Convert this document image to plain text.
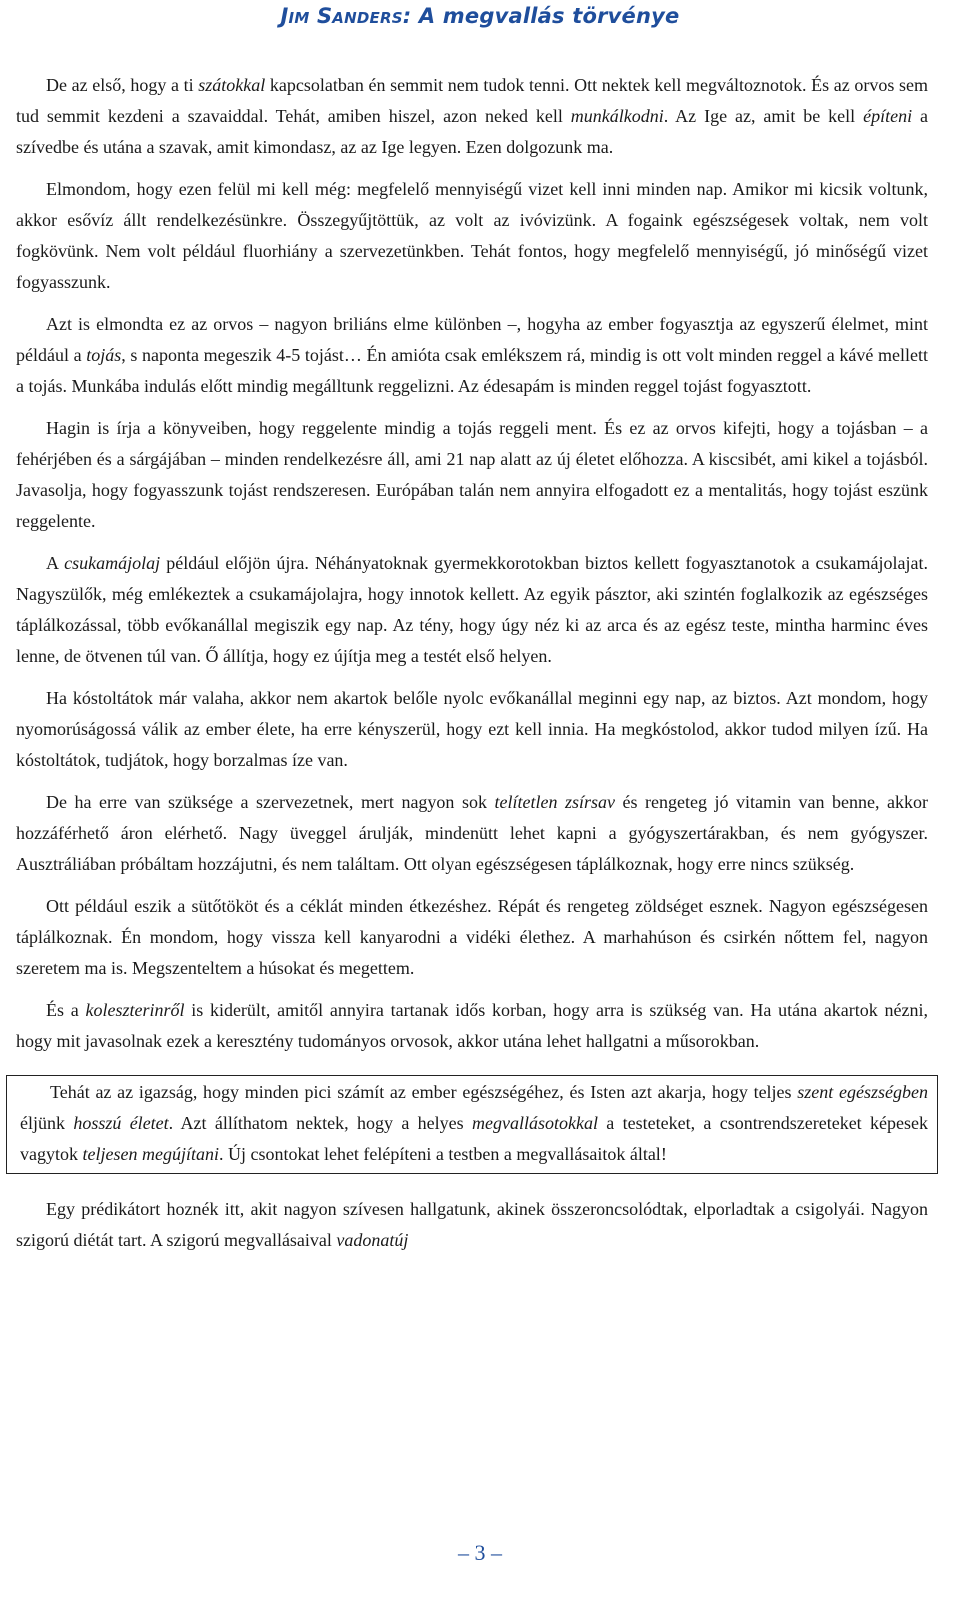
Jim Sanders: A megvallás törvénye

De az első, hogy a ti szátokkal kapcsolatban én semmit nem tudok tenni. Ott nektek kell megváltoznotok. És az orvos sem tud semmit kezdeni a szavaiddal. Tehát, amiben hiszel, azon neked kell munkálkodni. Az Ige az, amit be kell építeni a szívedbe és utána a szavak, amit kimondasz, az az Ige legyen. Ezen dolgozunk ma.

Elmondom, hogy ezen felül mi kell még: megfelelő mennyiségű vizet kell inni minden nap. Amikor mi kicsik voltunk, akkor esővíz állt rendelkezésünkre. Összegyűjtöttük, az volt az ivóvizünk. A fogaink egészségesek voltak, nem volt fogkövünk. Nem volt például fluorhiány a szervezetünkben. Tehát fontos, hogy megfelelő mennyiségű, jó minőségű vizet fogyasszunk.

Azt is elmondta ez az orvos – nagyon briliáns elme különben –, hogyha az ember fogyasztja az egyszerű élelmet, mint például a tojás, s naponta megeszik 4-5 tojást… Én amióta csak emlékszem rá, mindig is ott volt minden reggel a kávé mellett a tojás. Munkába indulás előtt mindig megálltunk reggelizni. Az édesapám is minden reggel tojást fogyasztott.

Hagin is írja a könyveiben, hogy reggelente mindig a tojás reggeli ment. És ez az orvos kifejti, hogy a tojásban – a fehérjében és a sárgájában – minden rendelkezésre áll, ami 21 nap alatt az új életet előhozza. A kiscsibét, ami kikel a tojásból. Javasolja, hogy fogyasszunk tojást rendszeresen. Európában talán nem annyira elfogadott ez a mentalitás, hogy tojást eszünk reggelente.

A csukamájolaj például előjön újra. Néhányatoknak gyermekkorotokban biztos kellett fogyasztanotok a csukamájolajat. Nagyszülők, még emlékeztek a csukamájolajra, hogy innotok kellett. Az egyik pásztor, aki szintén foglalkozik az egészséges táplálkozással, több evőkanállal megiszik egy nap. Az tény, hogy úgy néz ki az arca és az egész teste, mintha harminc éves lenne, de ötvenen túl van. Ő állítja, hogy ez újítja meg a testét első helyen.

Ha kóstoltátok már valaha, akkor nem akartok belőle nyolc evőkanállal meginni egy nap, az biztos. Azt mondom, hogy nyomorúságossá válik az ember élete, ha erre kényszerül, hogy ezt kell innia. Ha megkóstolod, akkor tudod milyen ízű. Ha kóstoltátok, tudjátok, hogy borzalmas íze van.

De ha erre van szüksége a szervezetnek, mert nagyon sok telítetlen zsírsav és rengeteg jó vitamin van benne, akkor hozzáférhető áron elérhető. Nagy üveggel árulják, mindenütt lehet kapni a gyógyszertárakban, és nem gyógyszer. Ausztráliában próbáltam hozzájutni, és nem találtam. Ott olyan egészségesen táplálkoznak, hogy erre nincs szükség.

Ott például eszik a sütőtököt és a céklát minden étkezéshez. Répát és rengeteg zöldséget esznek. Nagyon egészségesen táplálkoznak. Én mondom, hogy vissza kell kanyarodni a vidéki élethez. A marhahúson és csirkén nőttem fel, nagyon szeretem ma is. Megszenteltem a húsokat és megettem.

És a koleszterinről is kiderült, amitől annyira tartanak idős korban, hogy arra is szükség van. Ha utána akartok nézni, hogy mit javasolnak ezek a keresztény tudományos orvosok, akkor utána lehet hallgatni a műsorokban.

Tehát az az igazság, hogy minden pici számít az ember egészségéhez, és Isten azt akarja, hogy teljes szent egészségben éljünk hosszú életet. Azt állíthatom nektek, hogy a helyes megvallásotokkal a testeteket, a csontrendszereteket képesek vagytok teljesen megújítani. Új csontokat lehet felépíteni a testben a megvallásaitok által!

Egy prédikátort hoznék itt, akit nagyon szívesen hallgatunk, akinek összeroncsolódtak, elporladtak a csigolyái. Nagyon szigorú diétát tart. A szigorú megvallásaival vadonatúj

– 3 –
